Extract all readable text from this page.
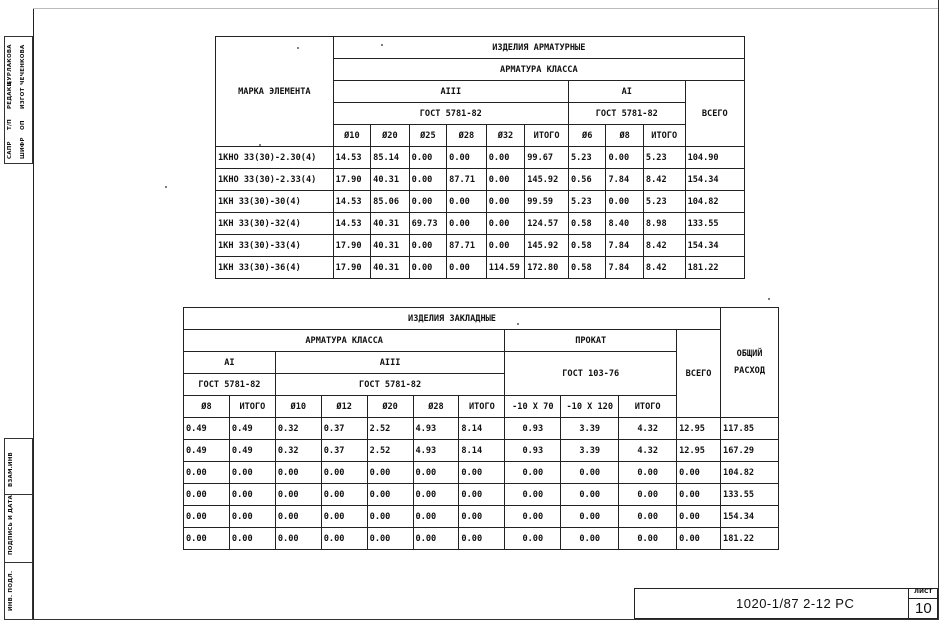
САПР
Т/П
РЕДАКЦ
БУРЛАКОВА
ШИФР
ОП
ИЗГОТ
ЧЕЧЕНКОВА
ВЗАМ.ИНВ
ПОДПИСЬ И ДАТА
ИНВ. ПОДЛ.
МАРКА ЭЛЕМЕНТА	ИЗДЕЛИЯ АРМАТУРНЫЕ									
	АРМАТУРА КЛАССА									
	AIII						AI			ВСЕГО
	ГОСТ 5781-82						ГОСТ 5781-82			
	Ø10	Ø20	Ø25	Ø28	Ø32	ИТОГО	Ø6	Ø8	ИТОГО	
1КНО 33(30)-2.30(4)	14.53	85.14	0.00	0.00	0.00	99.67	5.23	0.00	5.23	104.90
1КНО 33(30)-2.33(4)	17.90	40.31	0.00	87.71	0.00	145.92	0.56	7.84	8.42	154.34
1КН 33(30)-30(4)	14.53	85.06	0.00	0.00	0.00	99.59	5.23	0.00	5.23	104.82
1КН 33(30)-32(4)	14.53	40.31	69.73	0.00	0.00	124.57	0.58	8.40	8.98	133.55
1КН 33(30)-33(4)	17.90	40.31	0.00	87.71	0.00	145.92	0.58	7.84	8.42	154.34
1КН 33(30)-36(4)	17.90	40.31	0.00	0.00	114.59	172.80	0.58	7.84	8.42	181.22
ИЗДЕЛИЯ ЗАКЛАДНЫЕ											ОБЩИЙ РАСХОД
АРМАТУРА КЛАССА							ПРОКАТ			ВСЕГО	
AI		AIII					ГОСТ 103-76				
ГОСТ 5781-82		ГОСТ 5781-82									
Ø8	ИТОГО	Ø10	Ø12	Ø20	Ø28	ИТОГО	-10 X 70	-10 X 120	ИТОГО		
0.49	0.49	0.32	0.37	2.52	4.93	8.14	0.93	3.39	4.32	12.95	117.85
0.49	0.49	0.32	0.37	2.52	4.93	8.14	0.93	3.39	4.32	12.95	167.29
0.00	0.00	0.00	0.00	0.00	0.00	0.00	0.00	0.00	0.00	0.00	104.82
0.00	0.00	0.00	0.00	0.00	0.00	0.00	0.00	0.00	0.00	0.00	133.55
0.00	0.00	0.00	0.00	0.00	0.00	0.00	0.00	0.00	0.00	0.00	154.34
0.00	0.00	0.00	0.00	0.00	0.00	0.00	0.00	0.00	0.00	0.00	181.22
1020-1/87 2-12 PC
ЛИСТ
10
